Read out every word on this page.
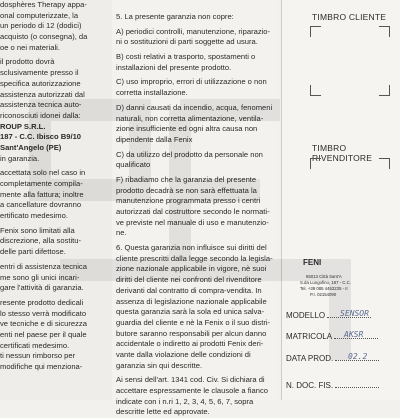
dosphères Therapy appa-
onal computerizzate, la
un periodo di 12 (dodici)
acquisto (o consegna), da
oe o nei materiali.
il prodotto dovrà
sclusivamente presso il
specifica autorizzazione
assistenza autorizzati dal
assistenza tecnica auto-
riconosciuti idonei dalla:
ROUP S.R.L.
187 - C.C. Ibisco B9/10
Sant'Angelo (PE)
in garanzia.
accettata solo nel caso in
completamente compila-
mente alla fattura; inoltre
a cancellature dovranno
ertificato medesimo.
Fenix sono limitati alla
discrezione, alla sostitu-
delle parti difettose.
entri di assistenza tecnica
me sono gli unici incari-
gare l'attività di garanzia.
resente prodotto dedicali
lo stesso verrà modificato
ve tecniche e di sicurezza
enti nel paese per il quale
certificati medesimo.
ti nessun rimborso per
modifiche qui menziona-
5. La presente garanzia non copre:
A) periodici controlli, manutenzione, riparazio-
ni o sostituzioni di parti soggette ad usura.
B) costi relativi a trasporto, spostamenti o
installazioni del presente prodotto.
C) uso improprio, errori di utilizzazione o non
corretta installazione.
D) danni causati da incendio, acqua, fenomeni
naturali, non corretta alimentazione, ventila-
zione insufficiente ed ogni altra causa non
dipendente dalla Fenix
C) da utilizzo del prodotto da personale non
qualificato
F) ribadiamo che la garanzia del presente
prodotto decadrà se non sarà effettuata la
manutenzione programmata presso i centri
autorizzati dal costruttore secondo le normati-
ve previste nel manuale di uso e manutenzio-
ne.
6. Questa garanzia non influisce sui diritti del
cliente prescritti dalla legge secondo la legisla-
zione nazionale applicabile in vigore, nè suoi
diritti del cliente nei confronti del rivenditore
derivanti dal contratto di compra-vendita. In
assenza di legislazione nazionale applicabile
questa garanzia sarà la sola ed unica salva-
guardia del cliente e nè la Fenix o il suo distri-
butore saranno responsabili per alcun danno
accidentale o indiretto ai prodotti Fenix deri-
vante dalla violazione delle condizioni di
garanzia sin qui descritte.
Ai sensi dell'art. 1341 cod. Civ. Si dichiara di
accettare espressamente le clausole a fianco
indicate con i n.ri 1, 2, 3, 4, 5, 6, 7, sopra
descritte lette ed approvate.
TIMBRO CLIENTE
TIMBRO RIVENDITORE
FENI
65013 Città Sant'A
S.da Lungofino, 187 - C.C.
Tel. +39 085 4463235 - Ir
P.I. 02154090
MODELLO SENSOR
MATRICOLA AKSR
DATA PROD. 02.2
N. DOC. FIS.
